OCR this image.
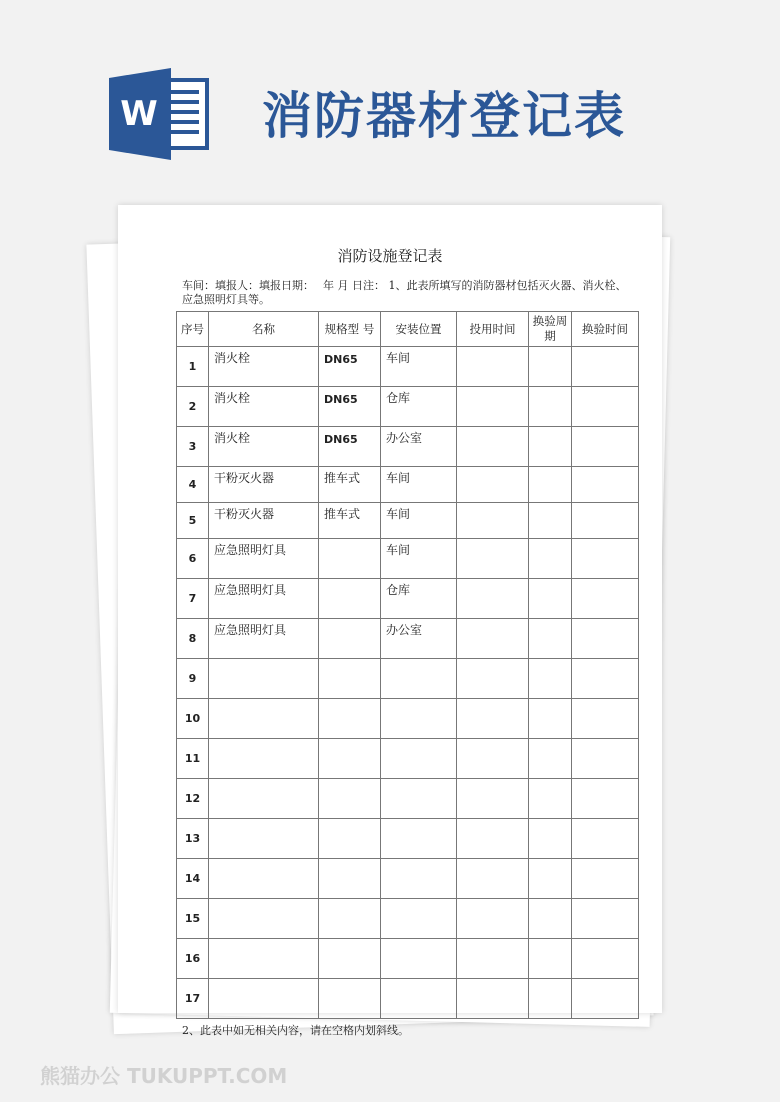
W 消防器材登记表
消防设施登记表
车间：填报人：填报日期：　 年 月 日注： 1、此表所填写的消防器材包括灭火器、消火栓、应急照明灯具等。
序号	名称	规格型 号	安装位置	投用时间	换验周期	换验时间
1	消火栓	DN65	车间			
2	消火栓	DN65	仓库			
3	消火栓	DN65	办公室			
4	干粉灭火器	推车式	车间			
5	干粉灭火器	推车式	车间			
6	应急照明灯具		车间			
7	应急照明灯具		仓库			
8	应急照明灯具		办公室			
9						
10						
11						
12						
13						
14						
15						
16						
17						
2、此表中如无相关内容，请在空格内划斜线。
熊猫办公 TUKUPPT.COM
